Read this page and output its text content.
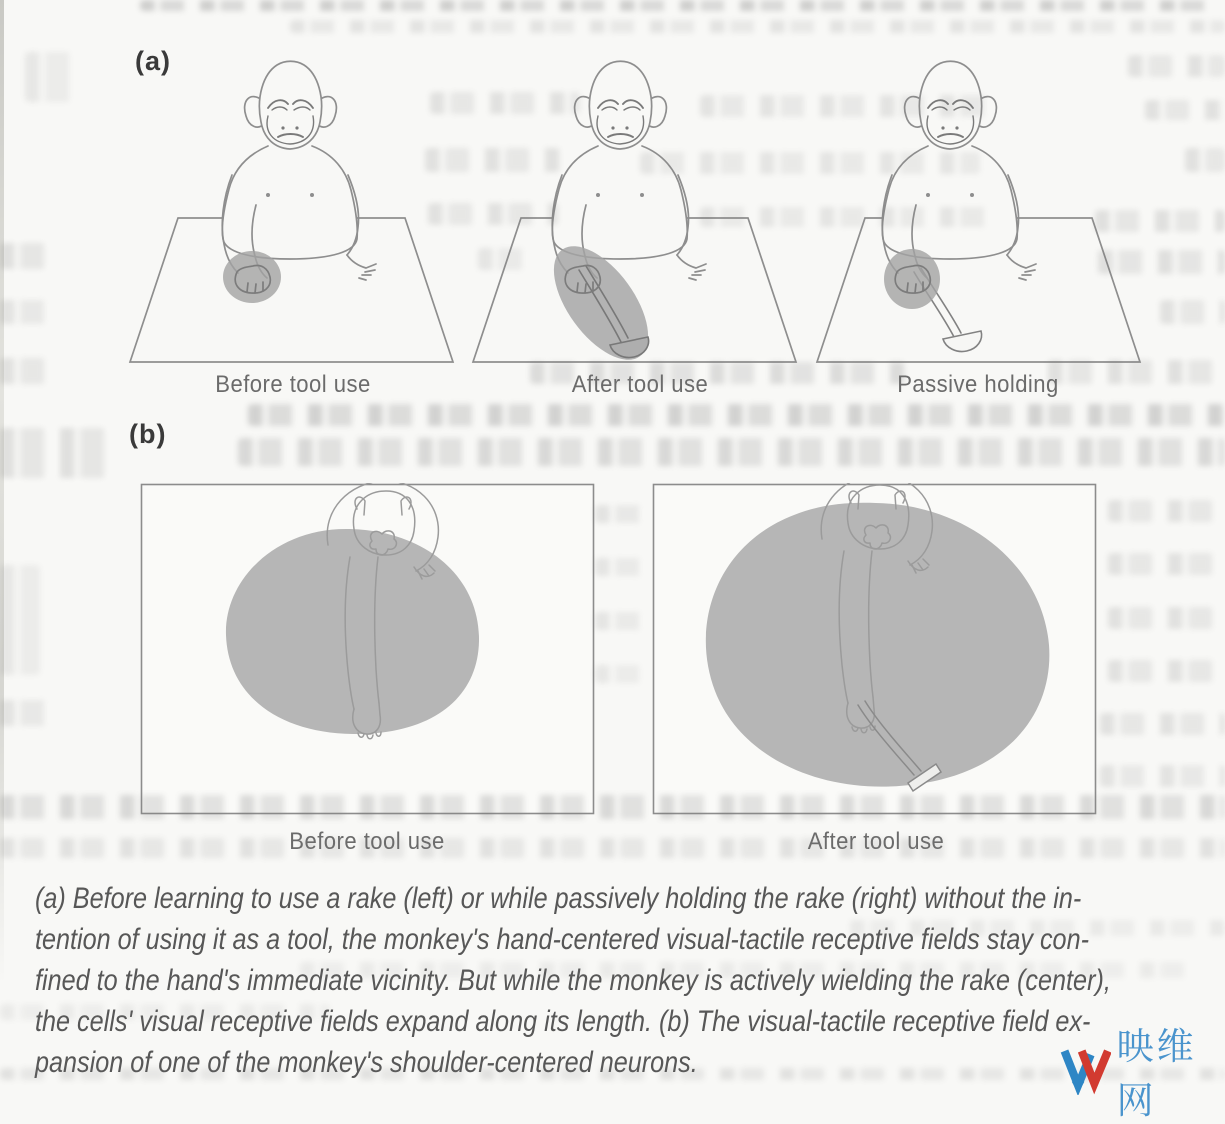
(a)
Before tool use	After tool use	Passive holding
(b)
Before tool use	After tool use
(a) Before learning to use a rake (left) or while passively holding the rake (right) without the in-
tention of using it as a tool, the monkey's hand-centered visual-tactile receptive fields stay con-
fined to the hand's immediate vicinity. But while the monkey is actively wielding the rake (center),
the cells' visual receptive fields expand along its length. (b) The visual-tactile receptive field ex-
pansion of one of the monkey's shoulder-centered neurons.	映维网
